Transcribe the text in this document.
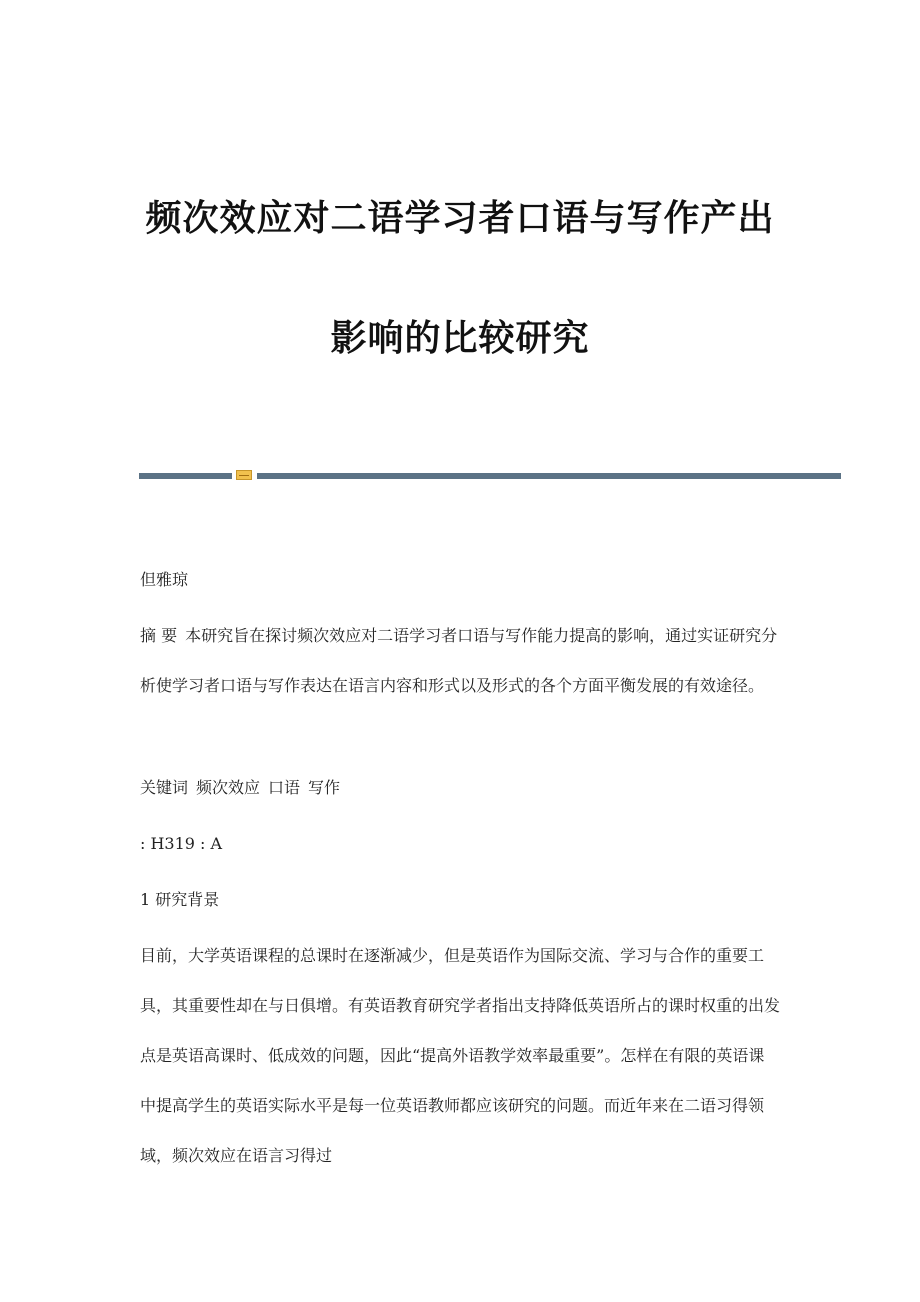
频次效应对二语学习者口语与写作产出
影响的比较研究

但雅琼

摘 要 本研究旨在探讨频次效应对二语学习者口语与写作能力提高的影响，通过实证研究分析使学习者口语与写作表达在语言内容和形式以及形式的各个方面平衡发展的有效途径。

关键词 频次效应 口语 写作

: H319 : A

1 研究背景

目前，大学英语课程的总课时在逐渐减少，但是英语作为国际交流、学习与合作的重要工具，其重要性却在与日俱增。有英语教育研究学者指出支持降低英语所占的课时权重的出发点是英语高课时、低成效的问题，因此“提高外语教学效率最重要”。怎样在有限的英语课中提高学生的英语实际水平是每一位英语教师都应该研究的问题。而近年来在二语习得领域，频次效应在语言习得过
